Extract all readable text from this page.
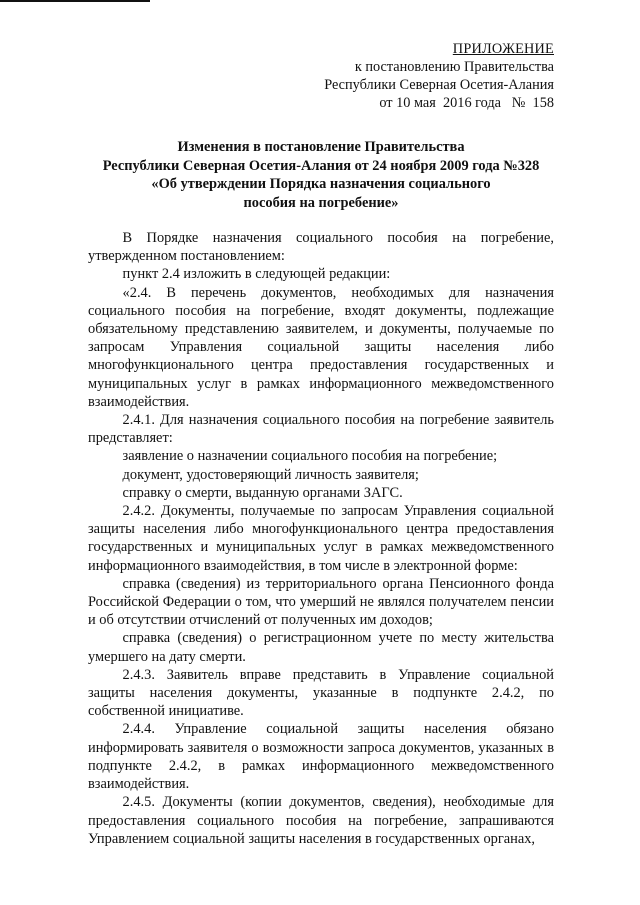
ПРИЛОЖЕНИЕ
к постановлению Правительства
Республики Северная Осетия-Алания
от 10 мая  2016 года   №  158
Изменения в постановление Правительства
Республики Северная Осетия-Алания от 24 ноября 2009 года №328
«Об утверждении Порядка назначения социального
пособия на погребение»

В Порядке назначения социального пособия на погребение, утвержденном постановлением:

пункт 2.4 изложить в следующей редакции:

«2.4. В перечень документов, необходимых для назначения социального пособия на погребение, входят документы, подлежащие обязательному представлению заявителем, и документы, получаемые по запросам Управления социальной защиты населения либо многофункционального центра предоставления государственных и муниципальных услуг в рамках информационного межведомственного взаимодействия.

2.4.1. Для назначения социального пособия на погребение заявитель представляет:

заявление о назначении социального пособия на погребение;

документ, удостоверяющий личность заявителя;

справку о смерти, выданную органами ЗАГС.

2.4.2. Документы, получаемые по запросам Управления социальной защиты населения либо многофункционального центра предоставления государственных и муниципальных услуг в рамках межведомственного информационного взаимодействия, в том числе в электронной форме:

справка (сведения) из территориального органа Пенсионного фонда Российской Федерации о том, что умерший не являлся получателем пенсии и об отсутствии отчислений от полученных им доходов;

справка (сведения) о регистрационном учете по месту жительства умершего на дату смерти.

2.4.3. Заявитель вправе представить в Управление социальной защиты населения документы, указанные в подпункте 2.4.2, по собственной инициативе.

2.4.4. Управление социальной защиты населения обязано информировать заявителя о возможности запроса документов, указанных в подпункте 2.4.2, в рамках информационного межведомственного взаимодействия.

2.4.5. Документы (копии документов, сведения), необходимые для предоставления социального пособия на погребение, запрашиваются Управлением социальной защиты населения в государственных органах,
